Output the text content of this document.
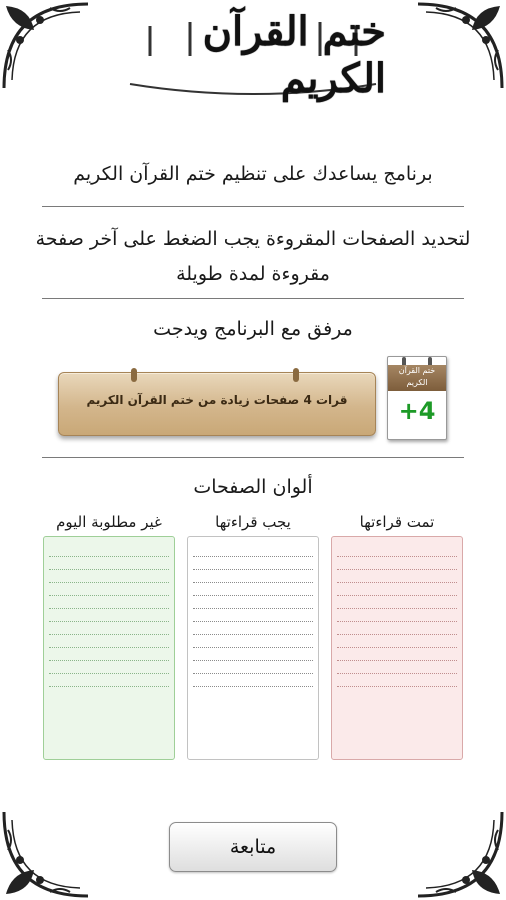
ختم القرآن الكريم
برنامج يساعدك على تنظيم ختم القرآن الكريم
لتحديد الصفحات المقروءة يجب الضغط على آخر صفحة مقروءة لمدة طويلة
مرفق مع البرنامج ويدجت
قرات 4 صفحات زيادة من ختم القرآن الكريم
ختم القرآن الكريم
+4
ألوان الصفحات
تمت قراءتها
يجب قراءتها
غير مطلوبة اليوم
متابعة
